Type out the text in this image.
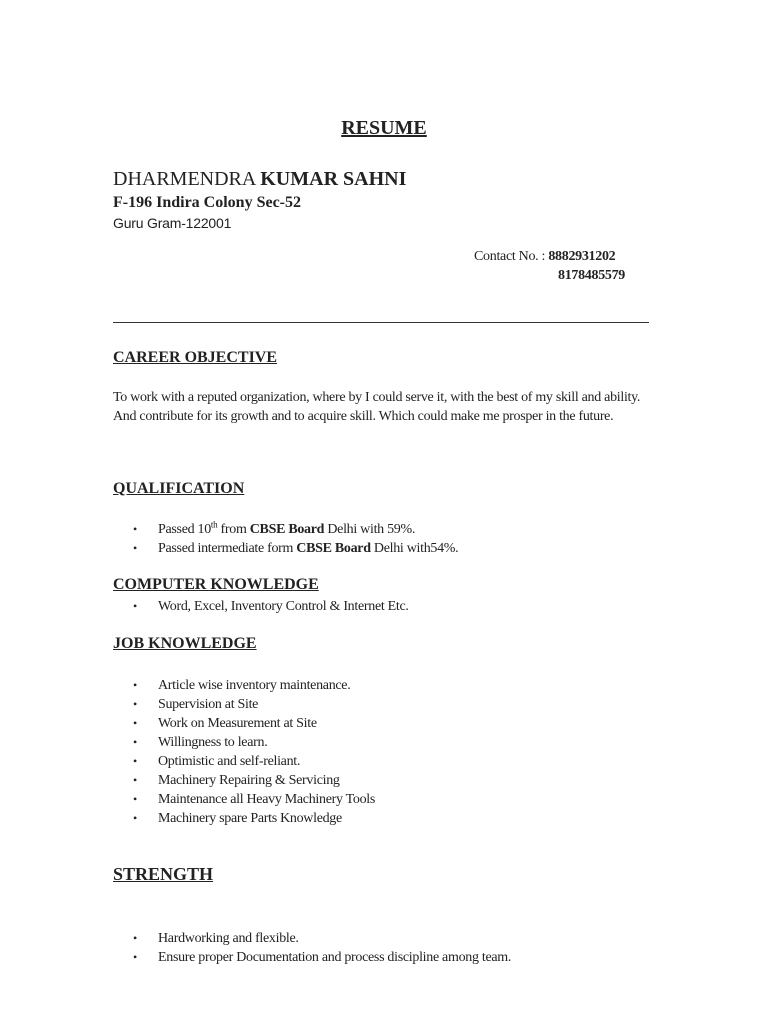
RESUME
DHARMENDRA KUMAR SAHNI
F-196 Indira Colony Sec-52
Guru Gram-122001
Contact No. : 8882931202
8178485579
CAREER OBJECTIVE
To work with a reputed organization, where by I could serve it, with the best of my skill and ability. And contribute for its growth and to acquire skill. Which could make me prosper in the future.
QUALIFICATION
• Passed 10th from CBSE Board Delhi with 59%.
• Passed intermediate form CBSE Board Delhi with54%.
COMPUTER KNOWLEDGE
• Word, Excel, Inventory Control & Internet Etc.
JOB KNOWLEDGE
• Article wise inventory maintenance.
• Supervision at Site
• Work on Measurement at Site
• Willingness to learn.
• Optimistic and self-reliant.
• Machinery Repairing & Servicing
• Maintenance all Heavy Machinery Tools
• Machinery spare Parts Knowledge
STRENGTH
• Hardworking and flexible.
• Ensure proper Documentation and process discipline among team.
